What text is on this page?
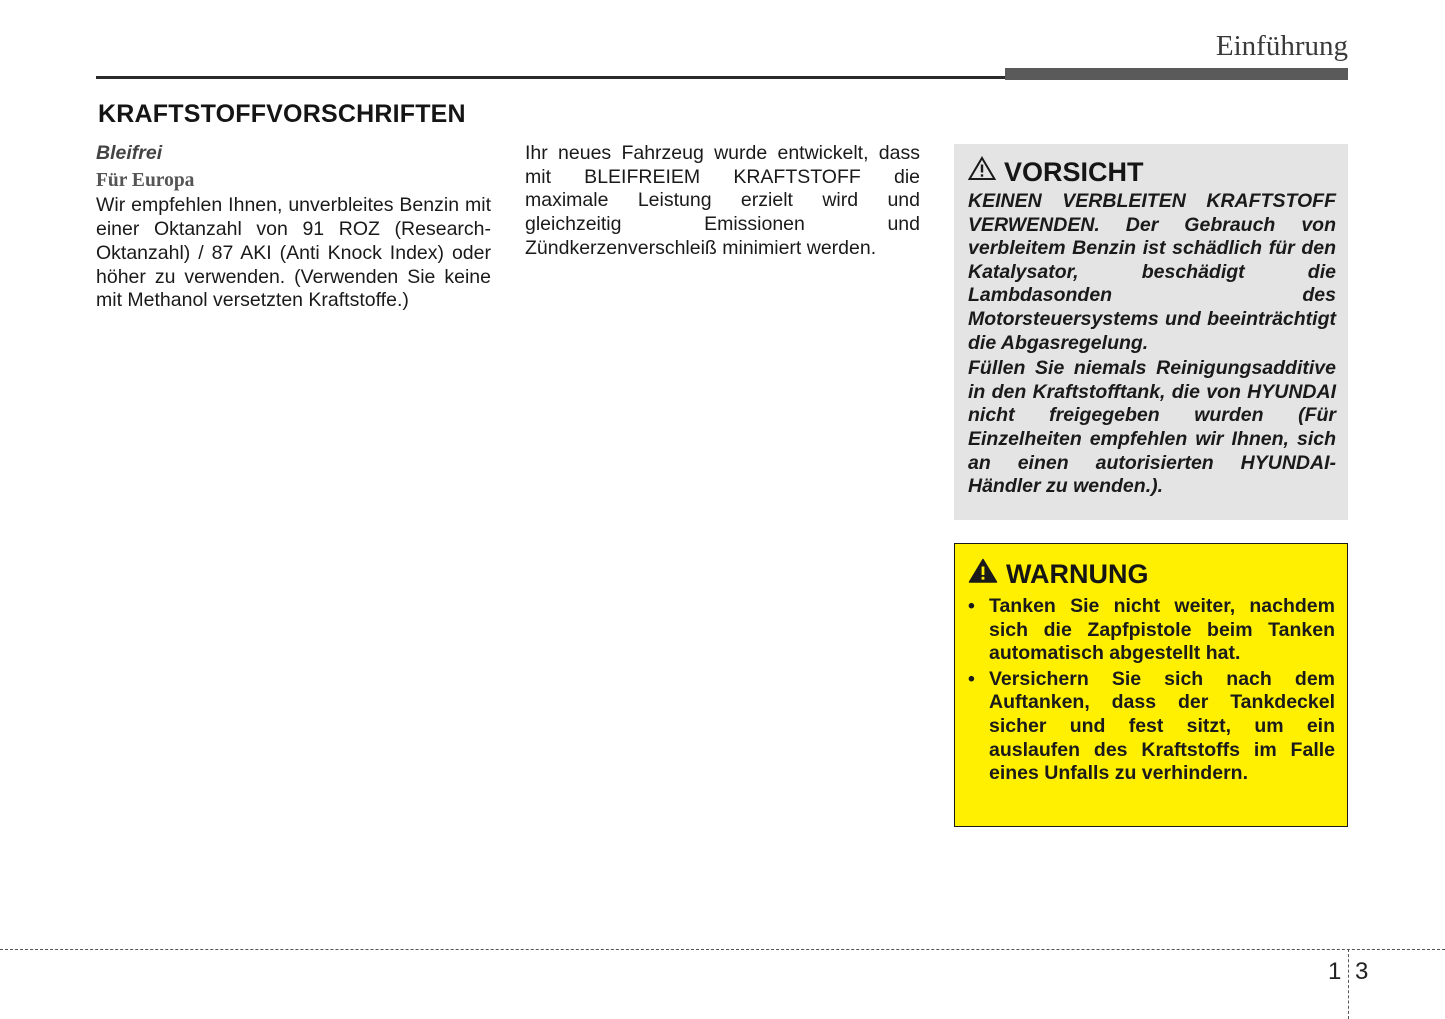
Einführung
KRAFTSTOFFVORSCHRIFTEN
Bleifrei
Für Europa
Wir empfehlen Ihnen, unverbleites Benzin mit einer Oktanzahl von 91 ROZ (Research-Oktanzahl) / 87 AKI (Anti Knock Index) oder höher zu verwenden. (Verwenden Sie keine mit Methanol versetzten Kraftstoffe.)
Ihr neues Fahrzeug wurde entwickelt, dass mit BLEIFREIEM KRAFTSTOFF die maximale Leistung erzielt wird und gleichzeitig Emissionen und Zündkerzenverschleiß minimiert werden.
VORSICHT
KEINEN VERBLEITEN KRAFTSTOFF VERWENDEN. Der Gebrauch von verbleitem Benzin ist schädlich für den Katalysator, beschädigt die Lambdasonden des Motorsteuersystems und beeinträchtigt die Abgasregelung.
Füllen Sie niemals Reinigungsadditive in den Kraftstofftank, die von HYUNDAI nicht freigegeben wurden (Für Einzelheiten empfehlen wir Ihnen, sich an einen autorisierten HYUNDAI-Händler zu wenden.).
WARNUNG
• Tanken Sie nicht weiter, nachdem sich die Zapfpistole beim Tanken automatisch abgestellt hat.
• Versichern Sie sich nach dem Auftanken, dass der Tankdeckel sicher und fest sitzt, um ein auslaufen des Kraftstoffs im Falle eines Unfalls zu verhindern.
1 3
